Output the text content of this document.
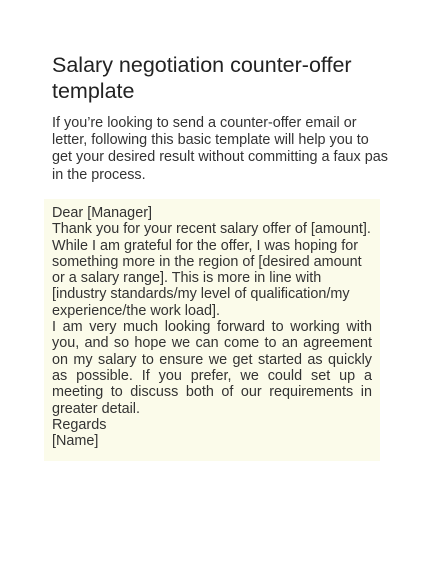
Salary negotiation counter-offer template

If you’re looking to send a counter-offer email or letter, following this basic template will help you to get your desired result without committing a faux pas in the process.

Dear [Manager]

Thank you for your recent salary offer of [amount]. While I am grateful for the offer, I was hoping for something more in the region of [desired amount or a salary range]. This is more in line with [industry standards/my level of qualification/my experience/the work load].

I am very much looking forward to working with you, and so hope we can come to an agreement on my salary to ensure we get started as quickly as possible. If you prefer, we could set up a meeting to discuss both of our requirements in greater detail.

Regards

[Name]
